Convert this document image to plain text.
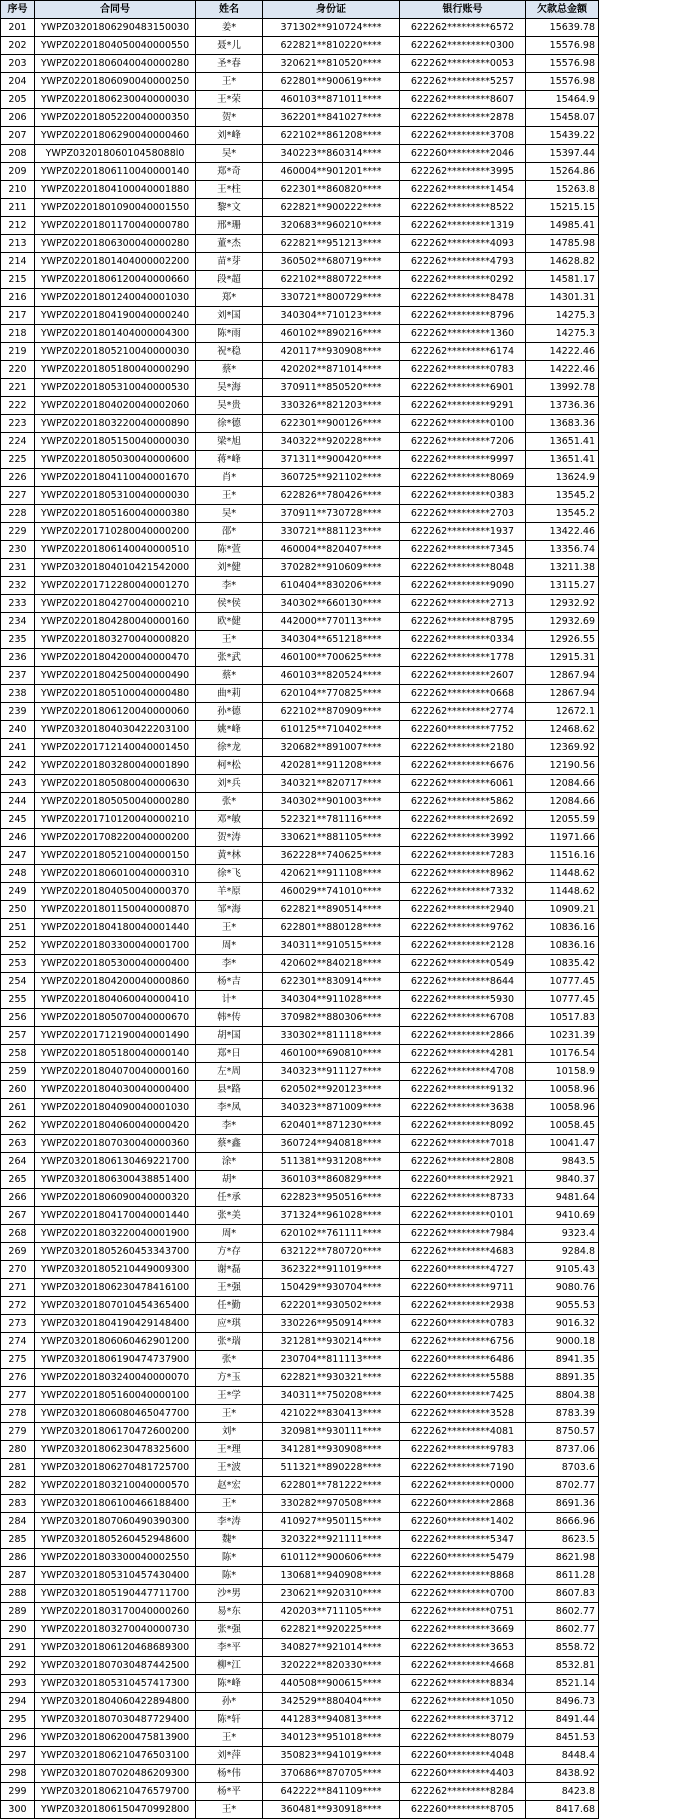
序号	合同号	姓名	身份证	银行账号	欠款总金额
201	YWPZ03201806290483150030	姜*	371302**910724****	622262*********6572	15639.78
202	YWPZ02201804050040000550	聂*儿	622821**810220****	622262*********0300	15576.98
203	YWPZ02201806040040000280	圣*春	320621**810520****	622262*********0053	15576.98
204	YWPZ02201806090040000250	王*	622801**900619****	622262*********5257	15576.98
205	YWPZ02201806230040000030	王*荣	460103**871011****	622262*********8607	15464.9
206	YWPZ02201805220040000350	贺*	362201**841027****	622262*********2878	15458.07
207	YWPZ02201806290040000460	刘*峰	622102**861208****	622262*********3708	15439.22
208	YWPZ03201806010458088l0	吴*	340223**860314****	622260*********2046	15397.44
209	YWPZ02201806110040000140	郑*奇	460004**901201****	622262*********3995	15264.86
210	YWPZ02201804100040001880	王*柱	622301**860820****	622262*********1454	15263.8
211	YWPZ02201801090040001550	黎*文	622821**900222****	622262*********8522	15215.15
212	YWPZ02201801170040000780	邢*珊	320683**960210****	622262*********1319	14985.41
213	YWPZ02201806300040000280	董*杰	622821**951213****	622262*********4093	14785.98
214	YWPZ02201801404000002200	苗*芽	360502**680719****	622262*********4793	14628.82
215	YWPZ02201806120040000660	段*超	622102**880722****	622262*********0292	14581.17
216	YWPZ02201801240040001030	郑*	330721**800729****	622262*********8478	14301.31
217	YWPZ02201804190040000240	刘*国	340304**710123****	622262*********8796	14275.3
218	YWPZ02201801404000004300	陈*雨	460102**890216****	622262*********1360	14275.3
219	YWPZ02201805210040000030	祝*稳	420117**930908****	622262*********6174	14222.46
220	YWPZ02201805180040000290	蔡*	420202**871014****	622262*********0783	14222.46
221	YWPZ02201805310040000530	吴*海	370911**850520****	622262*********6901	13992.78
222	YWPZ02201804020040002060	吴*贵	330326**821203****	622262*********9291	13736.36
223	YWPZ02201803220040000890	徐*德	622301**900126****	622262*********0100	13683.36
224	YWPZ02201805150040000030	梁*旭	340322**920228****	622262*********7206	13651.41
225	YWPZ02201805030040000600	蒋*峰	371311**900420****	622262*********9997	13651.41
226	YWPZ02201804110040001670	肖*	360725**921102****	622262*********8069	13624.9
227	YWPZ02201805310040000030	王*	622826**780426****	622262*********0383	13545.2
228	YWPZ02201805160040000380	吴*	370911**730728****	622262*********2703	13545.2
229	YWPZ02201710280040000200	邵*	330721**881123****	622262*********1937	13422.46
230	YWPZ02201806140040000510	陈*萱	460004**820407****	622262*********7345	13356.74
231	YWPZ03201804010421542000	刘*健	370282**910609****	622262*********8048	13211.38
232	YWPZ02201712280040001270	李*	610404**830206****	622262*********9090	13115.27
233	YWPZ02201804270040000210	侯*侯	340302**660130****	622262*********2713	12932.92
234	YWPZ02201804280040000160	欧*健	442000**770113****	622262*********8795	12932.69
235	YWPZ02201803270040000820	王*	340304**651218****	622262*********0334	12926.55
236	YWPZ02201804200040000470	张*武	460100**700625****	622262*********1778	12915.31
237	YWPZ02201804250040000490	蔡*	460103**820524****	622262*********2607	12867.94
238	YWPZ02201805100040000480	曲*莉	620104**770825****	622262*********0668	12867.94
239	YWPZ02201806120040000060	孙*德	622102**870909****	622262*********2774	12672.1
240	YWPZ03201804030422203100	姚*峰	610125**710402****	622260*********7752	12468.62
241	YWPZ02201712140040001450	徐*龙	320682**891007****	622262*********2180	12369.92
242	YWPZ02201803280040001890	柯*松	420281**911208****	622262*********6676	12190.56
243	YWPZ02201805080040000630	刘*兵	340321**820717****	622262*********6061	12084.66
244	YWPZ02201805050040000280	张*	340302**901003****	622262*********5862	12084.66
245	YWPZ02201710120040000210	邓*敏	522321**781116****	622262*********2692	12055.59
246	YWPZ02201708220040000200	贺*涛	330621**881105****	622262*********3992	11971.66
247	YWPZ02201805210040000150	黄*林	362228**740625****	622262*********7283	11516.16
248	YWPZ02201806010040000310	徐*飞	420621**911108****	622262*********8962	11448.62
249	YWPZ02201804050040000370	羊*原	460029**741010****	622262*********7332	11448.62
250	YWPZ02201801150040000870	邹*海	622821**890514****	622262*********2940	10909.21
251	YWPZ02201804180040001440	王*	622801**880128****	622262*********9762	10836.16
252	YWPZ02201803300040001700	周*	340311**910515****	622262*********2128	10836.16
253	YWPZ02201805300040000400	李*	420602**840218****	622262*********0549	10835.42
254	YWPZ02201804200040000860	杨*吉	622301**830914****	622262*********8644	10777.45
255	YWPZ02201804060040000410	计*	340304**911028****	622262*********5930	10777.45
256	YWPZ02201805070040000670	韩*传	370982**880306****	622262*********6708	10517.83
257	YWPZ02201712190040001490	胡*国	330302**811118****	622262*********2866	10231.39
258	YWPZ02201805180040000140	郑*日	460100**690810****	622262*********4281	10176.54
259	YWPZ02201804070040000160	左*周	340323**911127****	622262*********4708	10158.9
260	YWPZ02201804030040000400	县*路	620502**920123****	622262*********9132	10058.96
261	YWPZ02201804090040001030	李*凤	340323**871009****	622262*********3638	10058.96
262	YWPZ02201804060040000420	李*	620401**871230****	622262*********8092	10058.45
263	YWPZ02201807030040000360	蔡*鑫	360724**940818****	622262*********7018	10041.47
264	YWPZ03201806130469221700	涂*	511381**931208****	622262*********2808	9843.5
265	YWPZ03201806300438851400	胡*	360103**860829****	622260*********2921	9840.37
266	YWPZ02201806090040000320	任*承	622823**950516****	622262*********8733	9481.64
267	YWPZ02201804170040001440	张*美	371324**961028****	622262*********0101	9410.69
268	YWPZ02201803220040001900	周*	620102**761111****	622262*********7984	9323.4
269	YWPZ03201805260453343700	方*存	632122**780720****	622262*********4683	9284.8
270	YWPZ03201805210449009300	谢*磊	362322**911019****	622260*********4727	9105.43
271	YWPZ03201806230478416100	王*强	150429**930704****	622260*********9711	9080.76
272	YWPZ03201807010454365400	任*勤	622201**930502****	622262*********2938	9055.53
273	YWPZ03201804190429148400	应*琪	330226**950914****	622260*********0783	9016.32
274	YWPZ03201806060462901200	张*瑞	321281**930214****	622262*********6756	9000.18
275	YWPZ03201806190474737900	张*	230704**811113****	622260*********6486	8941.35
276	YWPZ02201803240040000070	方*玉	622821**930321****	622262*********5588	8891.35
277	YWPZ02201805160040000100	王*学	340311**750208****	622260*********7425	8804.38
278	YWPZ03201806080465047700	王*	421022**830413****	622262*********3528	8783.39
279	YWPZ03201806170472600200	刘*	320981**930111****	622262*********4081	8750.57
280	YWPZ03201806230478325600	王*理	341281**930908****	622262*********9783	8737.06
281	YWPZ03201806270481725700	王*波	511321**890228****	622262*********7190	8703.6
282	YWPZ02201803210040000570	赵*宏	622801**781222****	622262*********0000	8702.77
283	YWPZ03201806100466188400	王*	330282**970508****	622260*********2868	8691.36
284	YWPZ03201807060490390300	李*涛	410927**950115****	622260*********1402	8666.96
285	YWPZ03201805260452948600	魏*	320322**921111****	622262*********5347	8623.5
286	YWPZ02201803300040002550	陈*	610112**900606****	622260*********5479	8621.98
287	YWPZ03201805310457430400	陈*	130681**940908****	622262*********8868	8611.28
288	YWPZ03201805190447711700	沙*男	230621**920310****	622262*********0700	8607.83
289	YWPZ02201803170040000260	易*东	420203**711105****	622262*********0751	8602.77
290	YWPZ02201803270040000730	张*强	622821**920225****	622262*********3669	8602.77
291	YWPZ03201806120468689300	李*平	340827**921014****	622262*********3653	8558.72
292	YWPZ03201807030487442500	柳*江	320222**820330****	622262*********4668	8532.81
293	YWPZ03201805310457417300	陈*峰	440508**900615****	622262*********8834	8521.14
294	YWPZ03201804060422894800	孙*	342529**880404****	622262*********1050	8496.73
295	YWPZ03201807030487729400	陈*轩	441283**940813****	622262*********3712	8491.44
296	YWPZ03201806200475813900	王*	340123**951018****	622262*********8079	8451.53
297	YWPZ03201806210476503100	刘*萍	350823**941019****	622260*********4048	8448.4
298	YWPZ03201807020486209300	杨*伟	370686**870705****	622260*********4403	8438.92
299	YWPZ03201806210476579700	杨*平	642222**841109****	622262*********8284	8423.8
300	YWPZ03201806150470992800	王*	360481**930918****	622260*********8705	8417.68
